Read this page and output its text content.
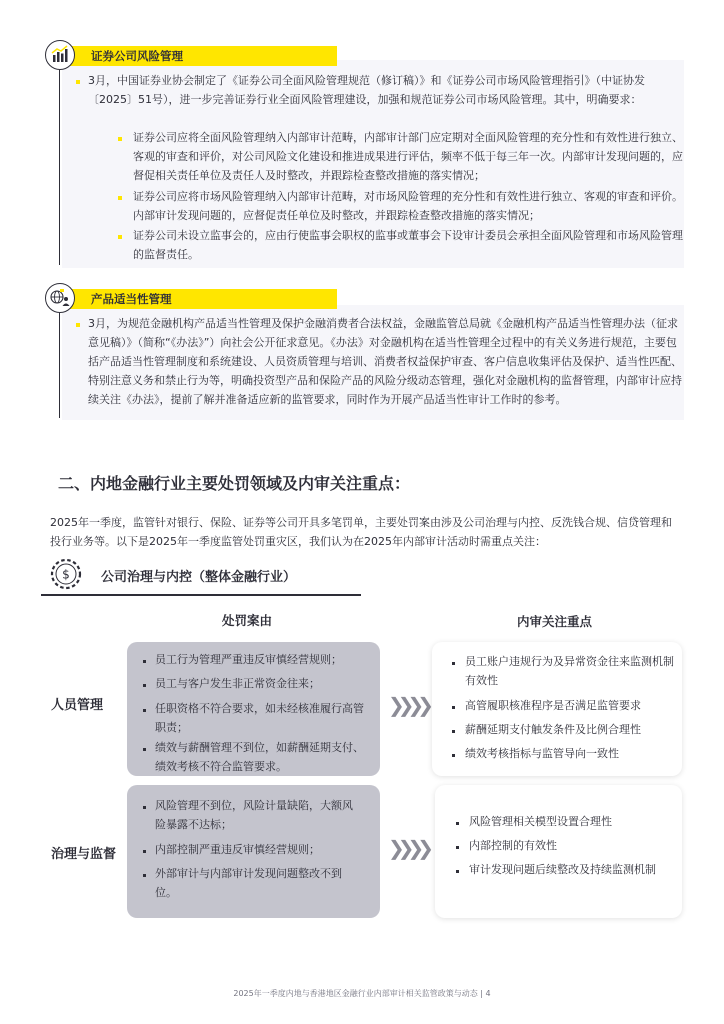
证券公司风险管理
3月，中国证券业协会制定了《证券公司全面风险管理规范（修订稿）》和《证券公司市场风险管理指引》（中证协发〔2025〕51号），进一步完善证券行业全面风险管理建设，加强和规范证券公司市场风险管理。其中，明确要求：
证券公司应将全面风险管理纳入内部审计范畴，内部审计部门应定期对全面风险管理的充分性和有效性进行独立、客观的审查和评价，对公司风险文化建设和推进成果进行评估，频率不低于每三年一次。内部审计发现问题的，应督促相关责任单位及责任人及时整改，并跟踪检查整改措施的落实情况；
证券公司应将市场风险管理纳入内部审计范畴，对市场风险管理的充分性和有效性进行独立、客观的审查和评价。内部审计发现问题的，应督促责任单位及时整改，并跟踪检查整改措施的落实情况；
证券公司未设立监事会的，应由行使监事会职权的监事或董事会下设审计委员会承担全面风险管理和市场风险管理的监督责任。
产品适当性管理
3月，为规范金融机构产品适当性管理及保护金融消费者合法权益，金融监管总局就《金融机构产品适当性管理办法（征求意见稿）》（简称“《办法》”）向社会公开征求意见。《办法》对金融机构在适当性管理全过程中的有关义务进行规范，主要包括产品适当性管理制度和系统建设、人员资质管理与培训、消费者权益保护审查、客户信息收集评估及保护、适当性匹配、特别注意义务和禁止行为等，明确投资型产品和保险产品的风险分级动态管理，强化对金融机构的监督管理，内部审计应持续关注《办法》，提前了解并准备适应新的监管要求，同时作为开展产品适当性审计工作时的参考。
二、内地金融行业主要处罚领域及内审关注重点：
2025年一季度，监管针对银行、保险、证券等公司开具多笔罚单，主要处罚案由涉及公司治理与内控、反洗钱合规、信贷管理和投行业务等。以下是2025年一季度监管处罚重灾区，我们认为在2025年内部审计活动时需重点关注：
$ 公司治理与内控（整体金融行业）
处罚案由	内审关注重点
人员管理
员工行为管理严重违反审慎经营规则；
员工与客户发生非正常资金往来；
任职资格不符合要求，如未经核准履行高管职责；
绩效与薪酬管理不到位，如薪酬延期支付、绩效考核不符合监管要求。
❯❯❯❯
员工账户违规行为及异常资金往来监测机制有效性
高管履职核准程序是否满足监管要求
薪酬延期支付触发条件及比例合理性
绩效考核指标与监管导向一致性
治理与监督
风险管理不到位，风险计量缺陷，大额风险暴露不达标；
内部控制严重违反审慎经营规则；
外部审计与内部审计发现问题整改不到位。
❯❯❯❯
风险管理相关模型设置合理性
内部控制的有效性
审计发现问题后续整改及持续监测机制
2025年一季度内地与香港地区金融行业内部审计相关监管政策与动态 | 4
